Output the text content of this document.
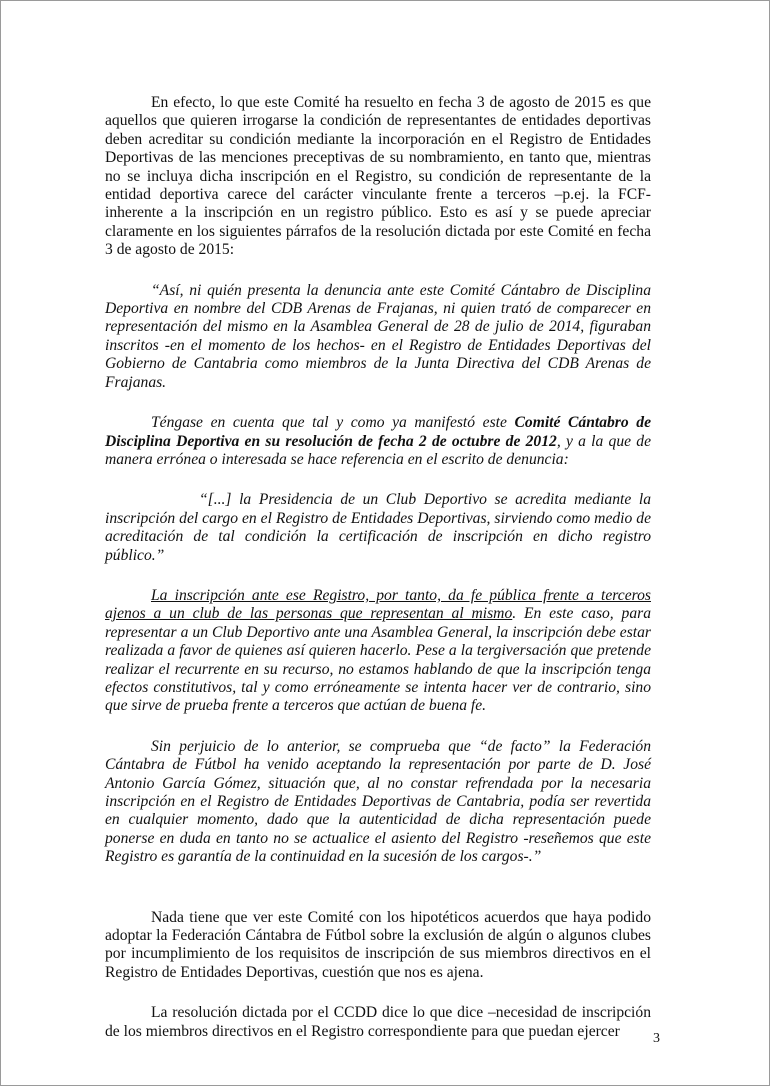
En efecto, lo que este Comité ha resuelto en fecha 3 de agosto de 2015 es que aquellos que quieren irrogarse la condición de representantes de entidades deportivas deben acreditar su condición mediante la incorporación en el Registro de Entidades Deportivas de las menciones preceptivas de su nombramiento, en tanto que, mientras no se incluya dicha inscripción en el Registro, su condición de representante de la entidad deportiva carece del carácter vinculante frente a terceros –p.ej. la FCF- inherente a la inscripción en un registro público. Esto es así y se puede apreciar claramente en los siguientes párrafos de la resolución dictada por este Comité en fecha 3 de agosto de 2015:

“Así, ni quién presenta la denuncia ante este Comité Cántabro de Disciplina Deportiva en nombre del CDB Arenas de Frajanas, ni quien trató de comparecer en representación del mismo en la Asamblea General de 28 de julio de 2014, figuraban inscritos -en el momento de los hechos- en el Registro de Entidades Deportivas del Gobierno de Cantabria como miembros de la Junta Directiva del CDB Arenas de Frajanas.

Téngase en cuenta que tal y como ya manifestó este Comité Cántabro de Disciplina Deportiva en su resolución de fecha 2 de octubre de 2012, y a la que de manera errónea o interesada se hace referencia en el escrito de denuncia:

“[...] la Presidencia de un Club Deportivo se acredita mediante la inscripción del cargo en el Registro de Entidades Deportivas, sirviendo como medio de acreditación de tal condición la certificación de inscripción en dicho registro público.”

La inscripción ante ese Registro, por tanto, da fe pública frente a terceros ajenos a un club de las personas que representan al mismo. En este caso, para representar a un Club Deportivo ante una Asamblea General, la inscripción debe estar realizada a favor de quienes así quieren hacerlo. Pese a la tergiversación que pretende realizar el recurrente en su recurso, no estamos hablando de que la inscripción tenga efectos constitutivos, tal y como erróneamente se intenta hacer ver de contrario, sino que sirve de prueba frente a terceros que actúan de buena fe.

Sin perjuicio de lo anterior, se comprueba que “de facto” la Federación Cántabra de Fútbol ha venido aceptando la representación por parte de D. José Antonio García Gómez, situación que, al no constar refrendada por la necesaria inscripción en el Registro de Entidades Deportivas de Cantabria, podía ser revertida en cualquier momento, dado que la autenticidad de dicha representación puede ponerse en duda en tanto no se actualice el asiento del Registro -reseñemos que este Registro es garantía de la continuidad en la sucesión de los cargos-.”

Nada tiene que ver este Comité con los hipotéticos acuerdos que haya podido adoptar la Federación Cántabra de Fútbol sobre la exclusión de algún o algunos clubes por incumplimiento de los requisitos de inscripción de sus miembros directivos en el Registro de Entidades Deportivas, cuestión que nos es ajena.

La resolución dictada por el CCDD dice lo que dice –necesidad de inscripción de los miembros directivos en el Registro correspondiente para que puedan ejercer	3
